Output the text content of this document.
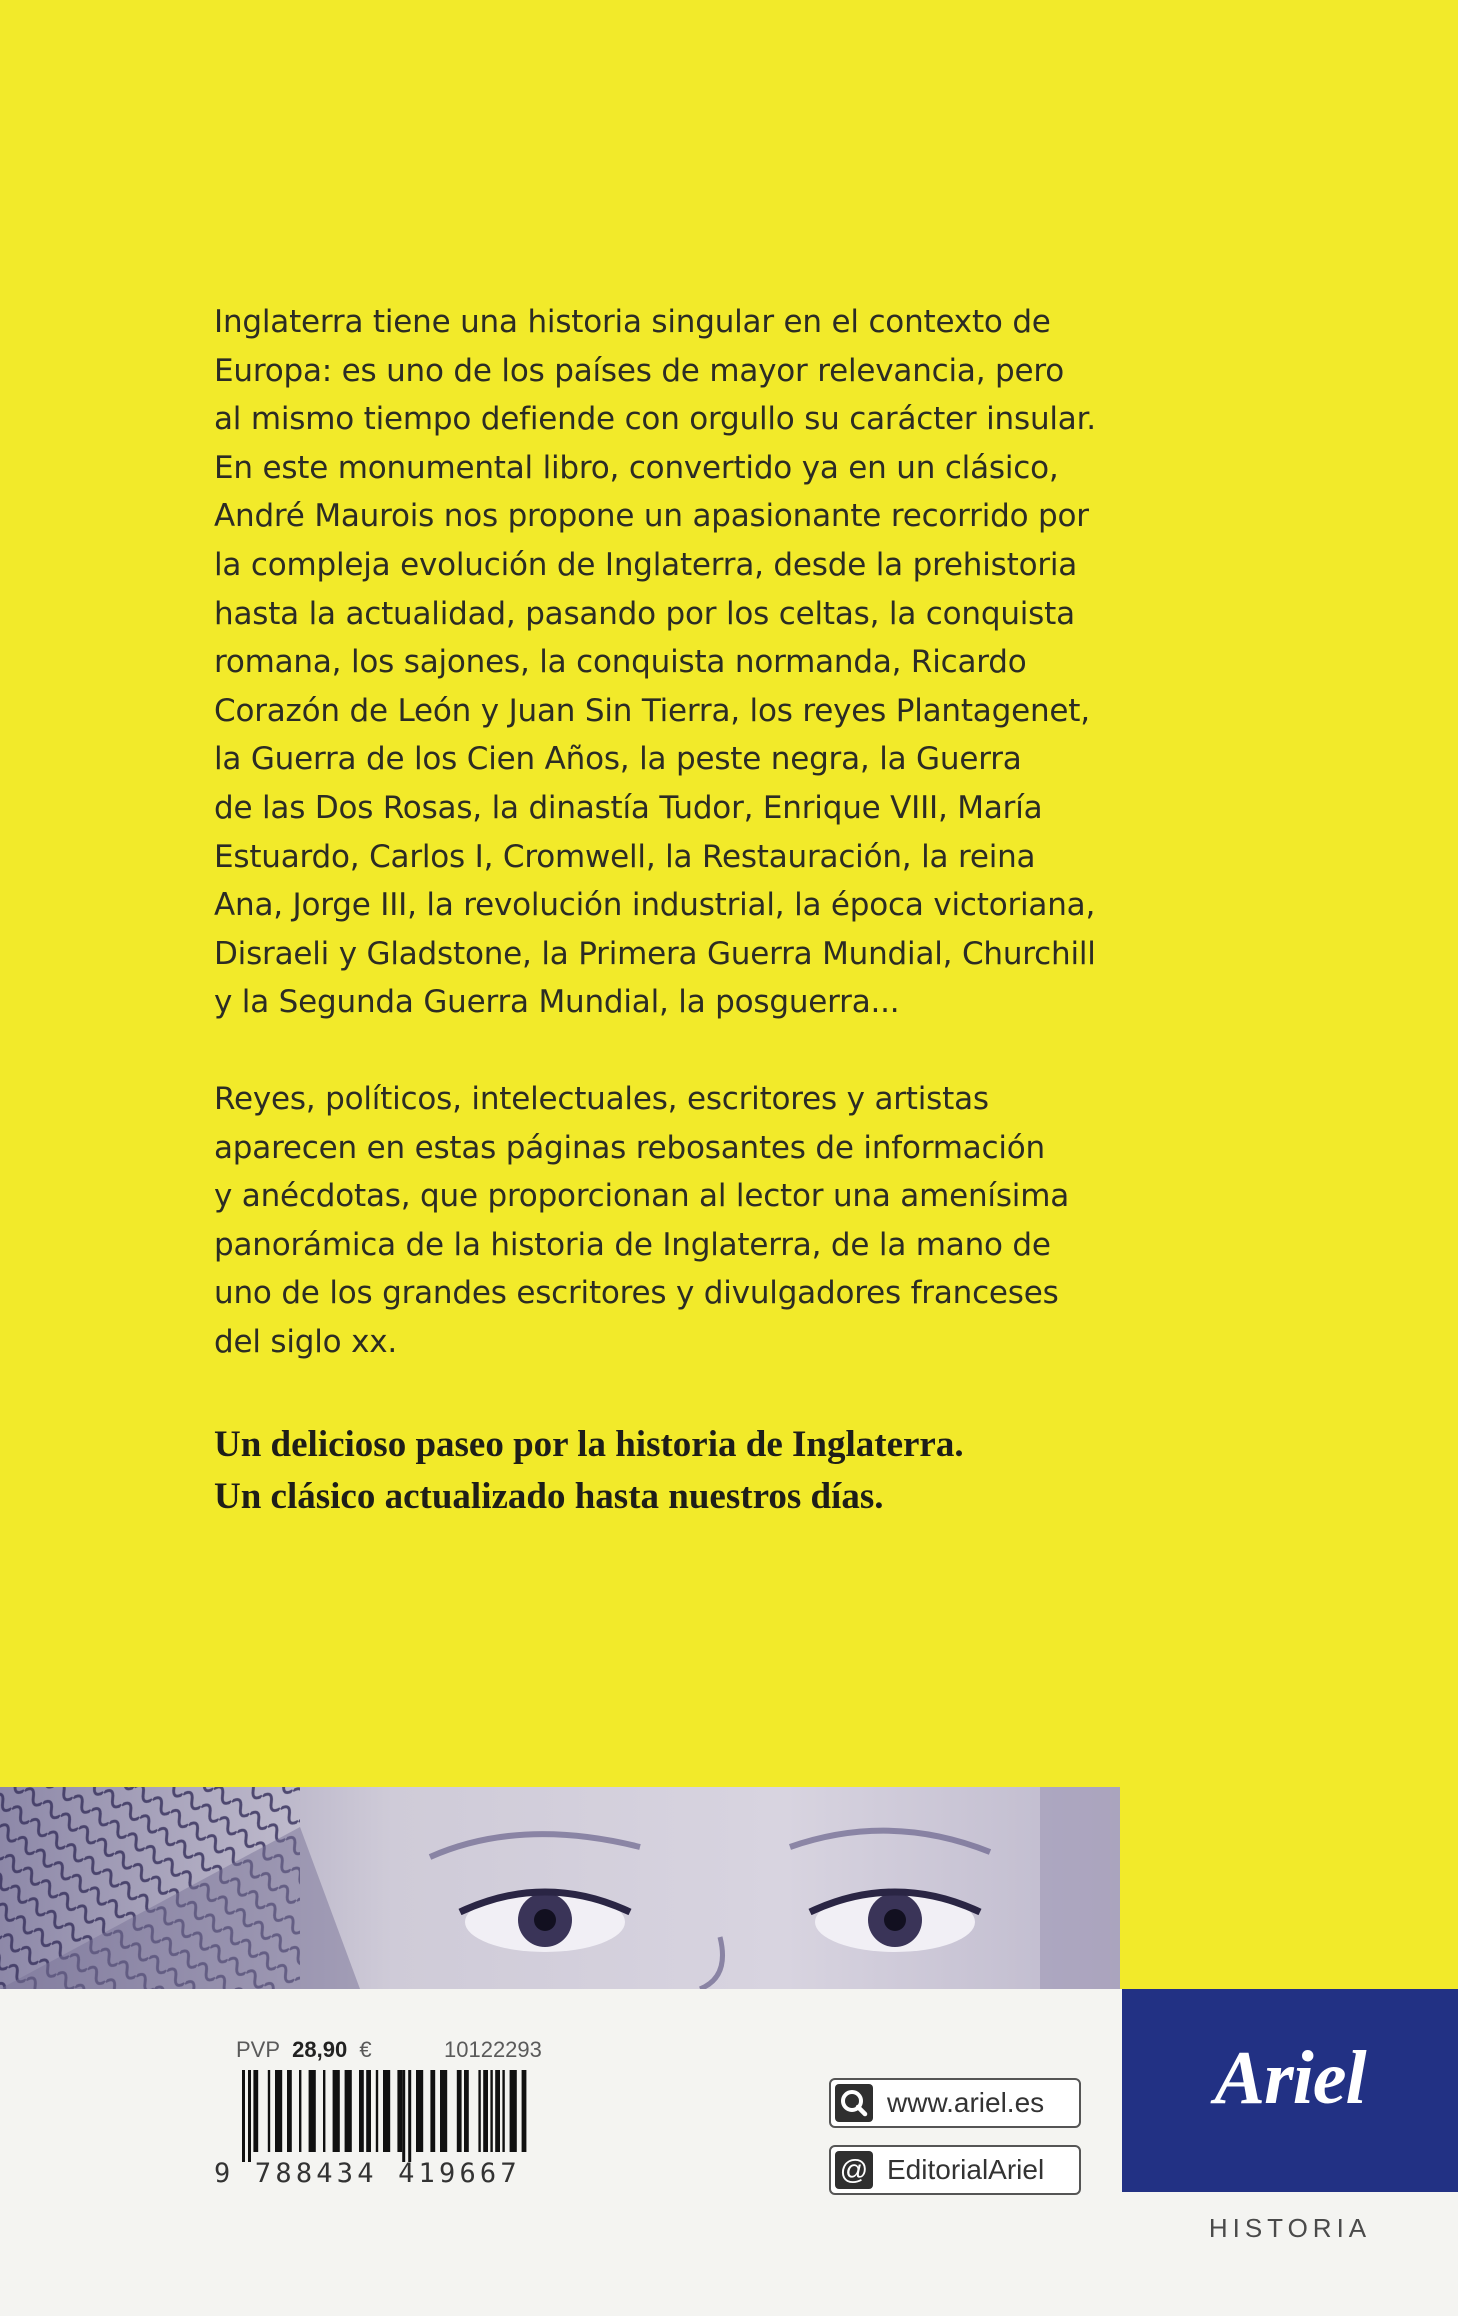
Inglaterra tiene una historia singular en el contexto de
Europa: es uno de los países de mayor relevancia, pero
al mismo tiempo defiende con orgullo su carácter insular.
En este monumental libro, convertido ya en un clásico,
André Maurois nos propone un apasionante recorrido por
la compleja evolución de Inglaterra, desde la prehistoria
hasta la actualidad, pasando por los celtas, la conquista
romana, los sajones, la conquista normanda, Ricardo
Corazón de León y Juan Sin Tierra, los reyes Plantagenet,
la Guerra de los Cien Años, la peste negra, la Guerra
de las Dos Rosas, la dinastía Tudor, Enrique VIII, María
Estuardo, Carlos I, Cromwell, la Restauración, la reina
Ana, Jorge III, la revolución industrial, la época victoriana,
Disraeli y Gladstone, la Primera Guerra Mundial, Churchill
y la Segunda Guerra Mundial, la posguerra...

Reyes, políticos, intelectuales, escritores y artistas
aparecen en estas páginas rebosantes de información
y anécdotas, que proporcionan al lector una amenísima
panorámica de la historia de Inglaterra, de la mano de
uno de los grandes escritores y divulgadores franceses
del siglo xx.

Un delicioso paseo por la historia de Inglaterra.
Un clásico actualizado hasta nuestros días.
PVP 28,90 €	10122293
9 788434 419667
www.ariel.es
@ EditorialAriel
Ariel
HISTORIA
